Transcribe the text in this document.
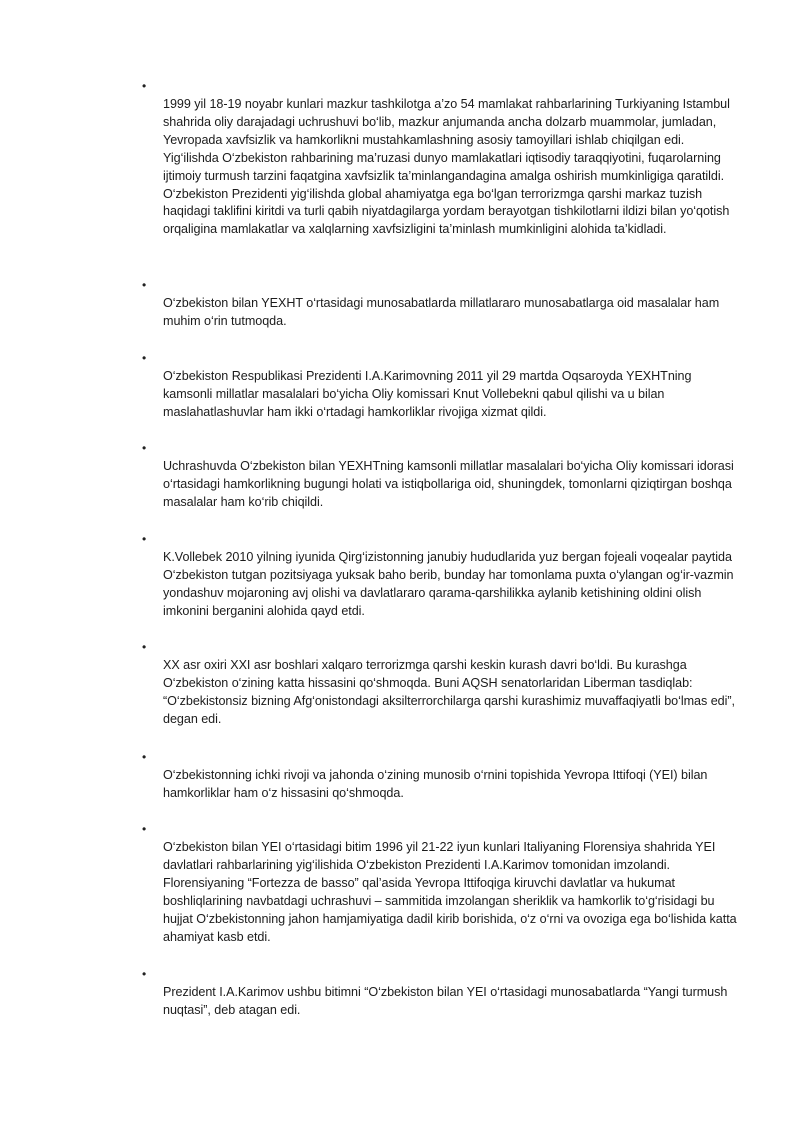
•
1999 yil 18-19 noyabr kunlari mazkur tashkilotga a’zo 54 mamlakat rahbarlarining Turkiyaning Istambul shahrida oliy darajadagi uchrushuvi bo‘lib, mazkur anjumanda ancha dolzarb muammolar, jumladan, Yevropada xavfsizlik va hamkorlikni mustahkamlashning asosiy tamoyillari ishlab chiqilgan edi. Yig‘ilishda O‘zbekiston rahbarining ma’ruzasi dunyo mamlakatlari iqtisodiy taraqqiyotini, fuqarolarning ijtimoiy turmush tarzini faqatgina xavfsizlik ta’minlangandagina amalga oshirish mumkinligiga qaratildi. O‘zbekiston Prezidenti yig‘ilishda global ahamiyatga ega bo‘lgan terrorizmga qarshi markaz tuzish haqidagi taklifini kiritdi va turli qabih niyatdagilarga yordam berayotgan tishkilotlarni ildizi bilan yo‘qotish orqaligina mamlakatlar va xalqlarning xavfsizligini ta’minlash mumkinligini alohida ta’kidladi.
•
O‘zbekiston bilan YEXHT o‘rtasidagi munosabatlarda millatlararo munosabatlarga oid masalalar ham muhim o‘rin tutmoqda.
•
O‘zbekiston Respublikasi Prezidenti I.A.Karimovning 2011 yil 29 martda Oqsaroyda YEXHTning kamsonli millatlar masalalari bo‘yicha Oliy komissari Knut Vollebekni qabul qilishi va u bilan maslahatlashuvlar ham ikki o‘rtadagi hamkorliklar rivojiga xizmat qildi.
•
Uchrashuvda O‘zbekiston bilan YEXHTning kamsonli millatlar masalalari bo‘yicha Oliy komissari idorasi o‘rtasidagi hamkorlikning bugungi holati va istiqbollariga oid, shuningdek, tomonlarni qiziqtirgan boshqa masalalar ham ko‘rib chiqildi.
•
K.Vollebek 2010 yilning iyunida Qirg‘izistonning janubiy hududlarida yuz bergan fojeali voqealar paytida O‘zbekiston tutgan pozitsiyaga yuksak baho berib, bunday har tomonlama puxta o‘ylangan og‘ir-vazmin yondashuv mojaroning avj olishi va davlatlararo qarama-qarshilikka aylanib ketishining oldini olish imkonini berganini alohida qayd etdi.
•
XX asr oxiri XXI asr boshlari xalqaro terrorizmga qarshi keskin kurash davri bo‘ldi. Bu kurashga O‘zbekiston o‘zining katta hissasini qo‘shmoqda. Buni AQSH senatorlaridan Liberman tasdiqlab: “O‘zbekistonsiz bizning Afg‘onistondagi aksilterrorchilarga qarshi kurashimiz muvaffaqiyatli bo‘lmas edi”, degan edi.
•
O‘zbekistonning ichki rivoji va jahonda o‘zining munosib o‘rnini topishida Yevropa Ittifoqi (YEI) bilan hamkorliklar ham o‘z hissasini qo‘shmoqda.
•
O‘zbekiston bilan YEI o‘rtasidagi bitim 1996 yil 21-22 iyun kunlari Italiyaning Florensiya shahrida YEI davlatlari rahbarlarining yig‘ilishida O‘zbekiston Prezidenti I.A.Karimov tomonidan imzolandi. Florensiyaning “Fortezza de basso” qal’asida Yevropa Ittifoqiga kiruvchi davlatlar va hukumat boshliqlarining navbatdagi uchrashuvi – sammitida imzolangan sheriklik va hamkorlik to‘g‘risidagi bu hujjat O‘zbekistonning jahon hamjamiyatiga dadil kirib borishida, o‘z o‘rni va ovoziga ega bo‘lishida katta ahamiyat kasb etdi.
•
Prezident I.A.Karimov ushbu bitimni “O‘zbekiston bilan YEI o‘rtasidagi munosabatlarda “Yangi turmush nuqtasi”, deb atagan edi.
